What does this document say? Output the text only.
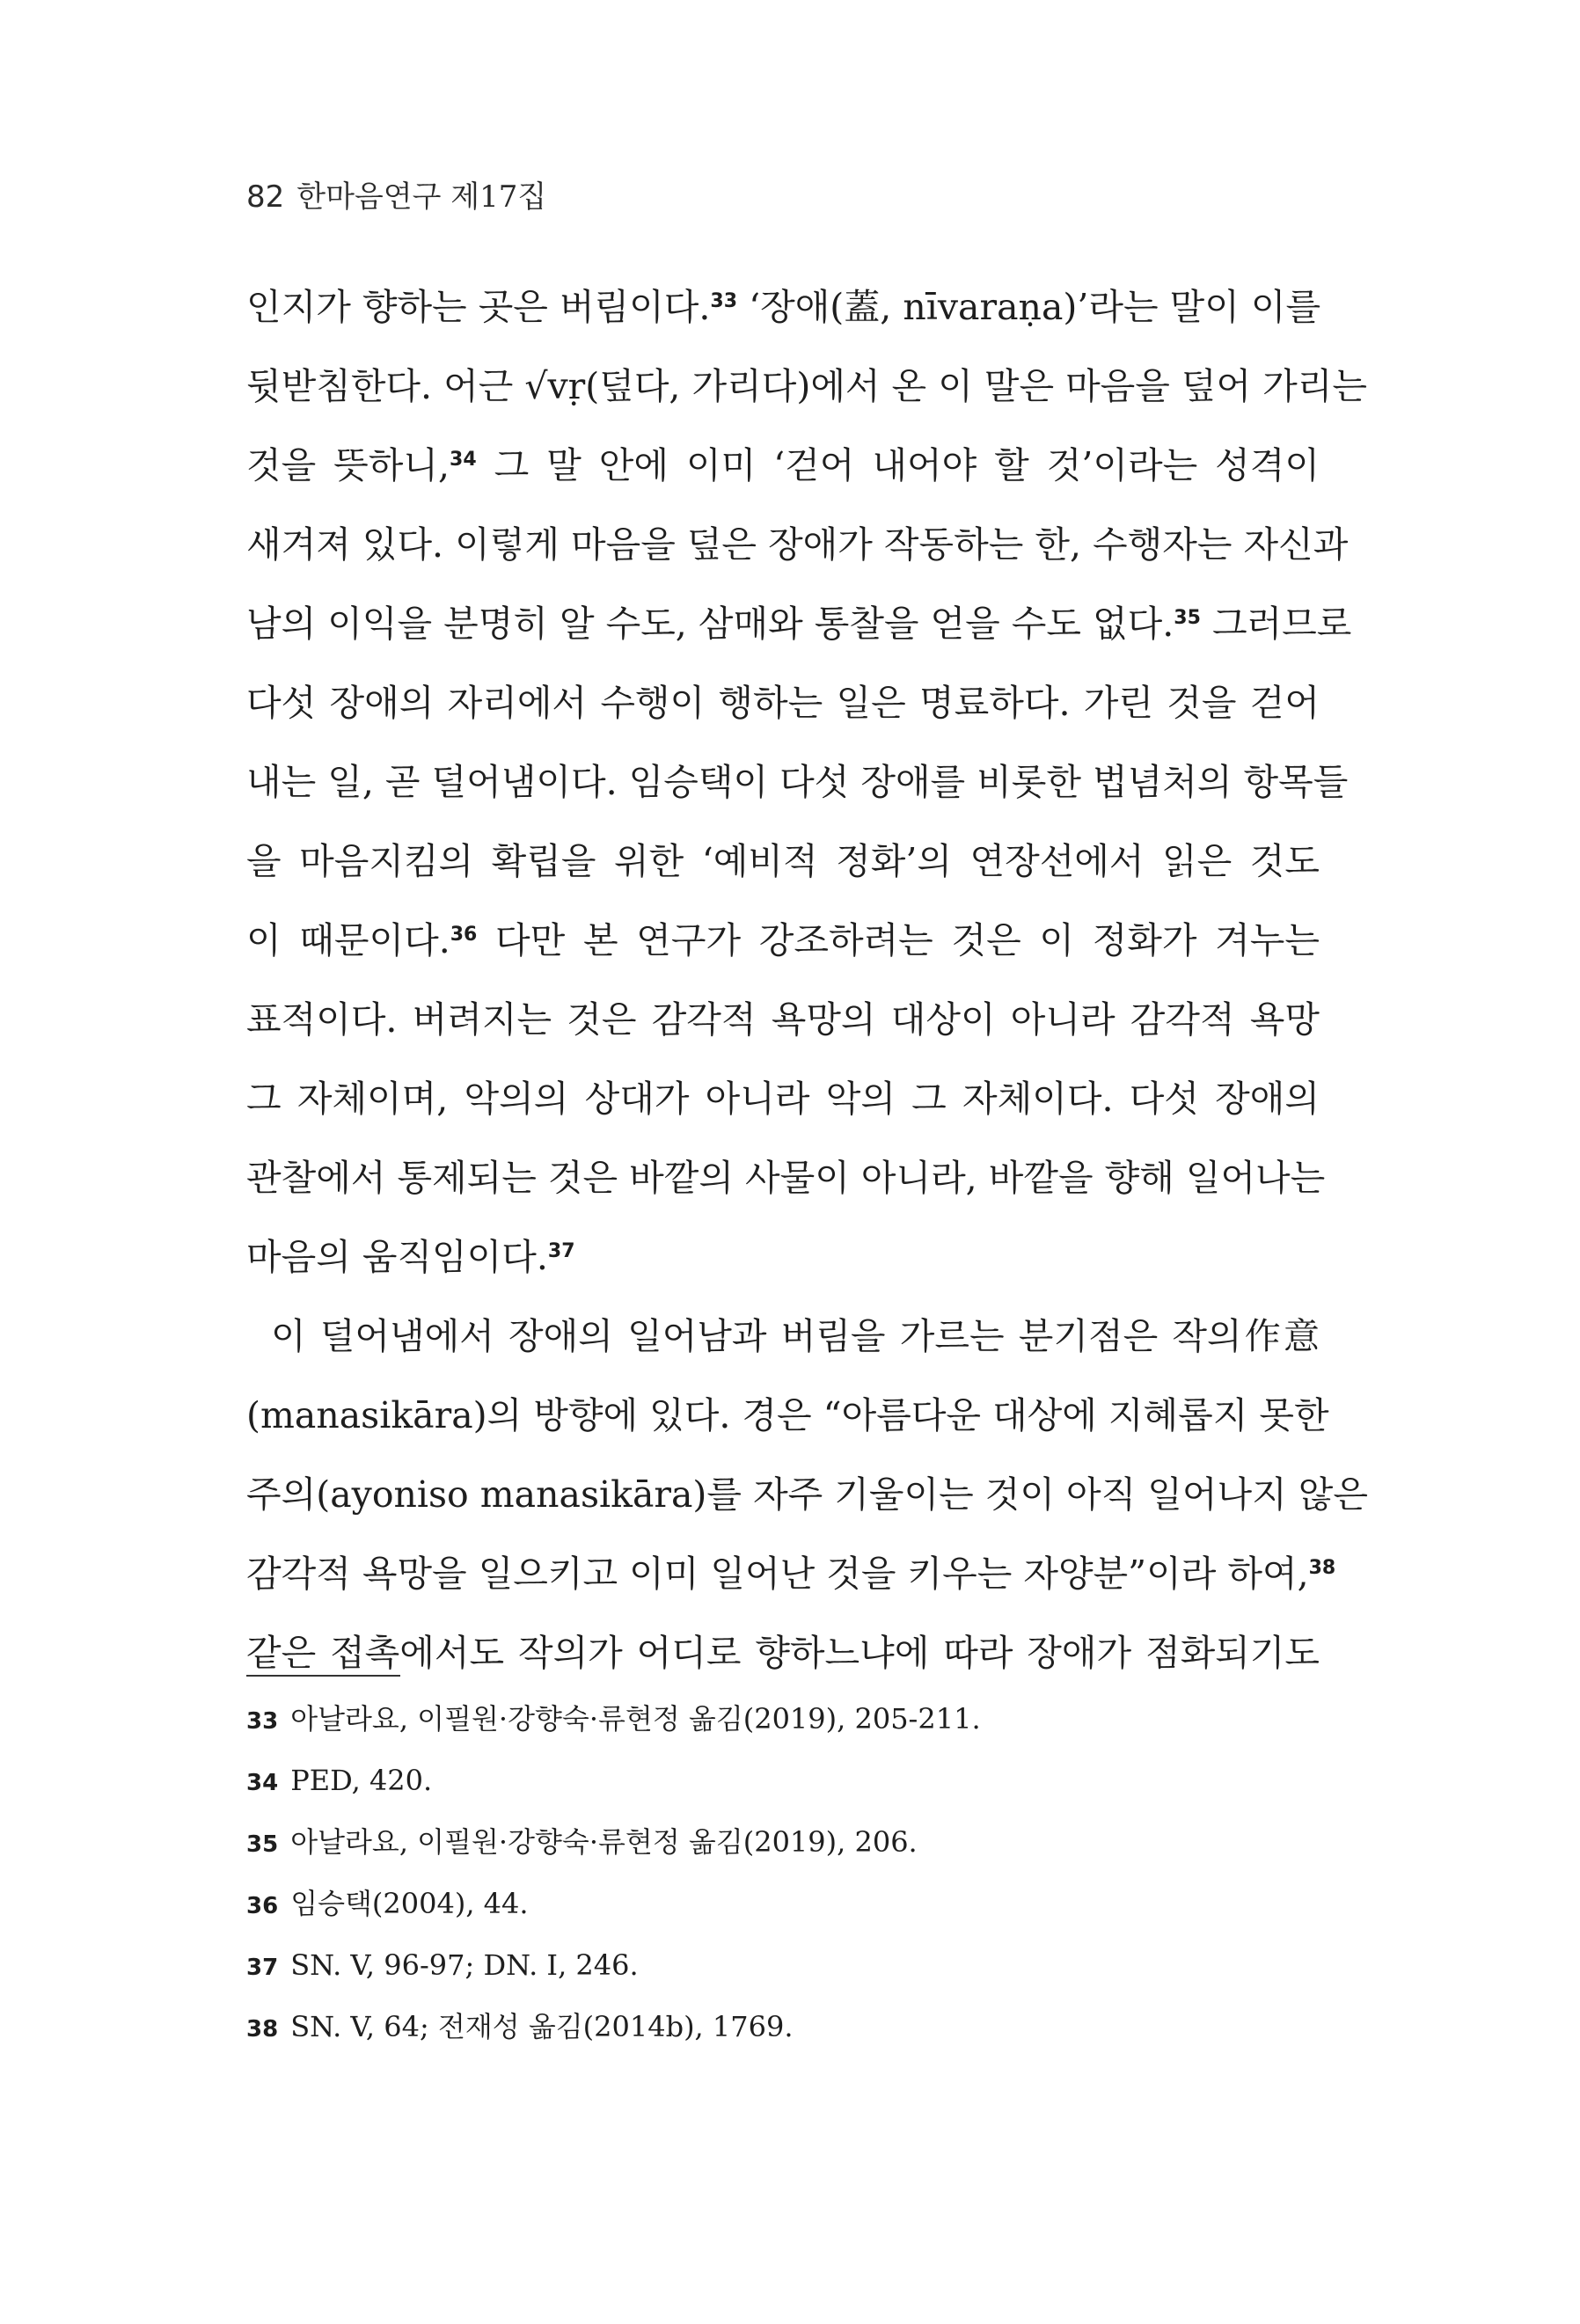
82 한마음연구 제17집
인지가 향하는 곳은 버림이다.$^{33}$ ‘장애(蓋, nīvaraṇa)’라는 말이 이를
뒷받침한다. 어근 √vṛ(덮다, 가리다)에서 온 이 말은 마음을 덮어 가리는
것을 뜻하니,$^{34}$ 그 말 안에 이미 ‘걷어 내어야 할 것’이라는 성격이
새겨져 있다. 이렇게 마음을 덮은 장애가 작동하는 한, 수행자는 자신과
남의 이익을 분명히 알 수도, 삼매와 통찰을 얻을 수도 없다.$^{35}$ 그러므로
다섯 장애의 자리에서 수행이 행하는 일은 명료하다. 가린 것을 걷어
내는 일, 곧 덜어냄이다. 임승택이 다섯 장애를 비롯한 법념처의 항목들
을 마음지킴의 확립을 위한 ‘예비적 정화’의 연장선에서 읽은 것도
이 때문이다.$^{36}$ 다만 본 연구가 강조하려는 것은 이 정화가 겨누는
표적이다. 버려지는 것은 감각적 욕망의 대상이 아니라 감각적 욕망
그 자체이며, 악의의 상대가 아니라 악의 그 자체이다. 다섯 장애의
관찰에서 통제되는 것은 바깥의 사물이 아니라, 바깥을 향해 일어나는
마음의 움직임이다.$^{37}$
이 덜어냄에서 장애의 일어남과 버림을 가르는 분기점은 작의作意
(manasikāra)의 방향에 있다. 경은 “아름다운 대상에 지혜롭지 못한
주의(ayoniso manasikāra)를 자주 기울이는 것이 아직 일어나지 않은
감각적 욕망을 일으키고 이미 일어난 것을 키우는 자양분”이라 하여,$^{38}$
같은 접촉에서도 작의가 어디로 향하느냐에 따라 장애가 점화되기도
33 아날라요, 이필원·강향숙·류현정 옮김(2019), 205-211.
34 PED, 420.
35 아날라요, 이필원·강향숙·류현정 옮김(2019), 206.
36 임승택(2004), 44.
37 SN. V, 96-97; DN. I, 246.
38 SN. V, 64; 전재성 옮김(2014b), 1769.
